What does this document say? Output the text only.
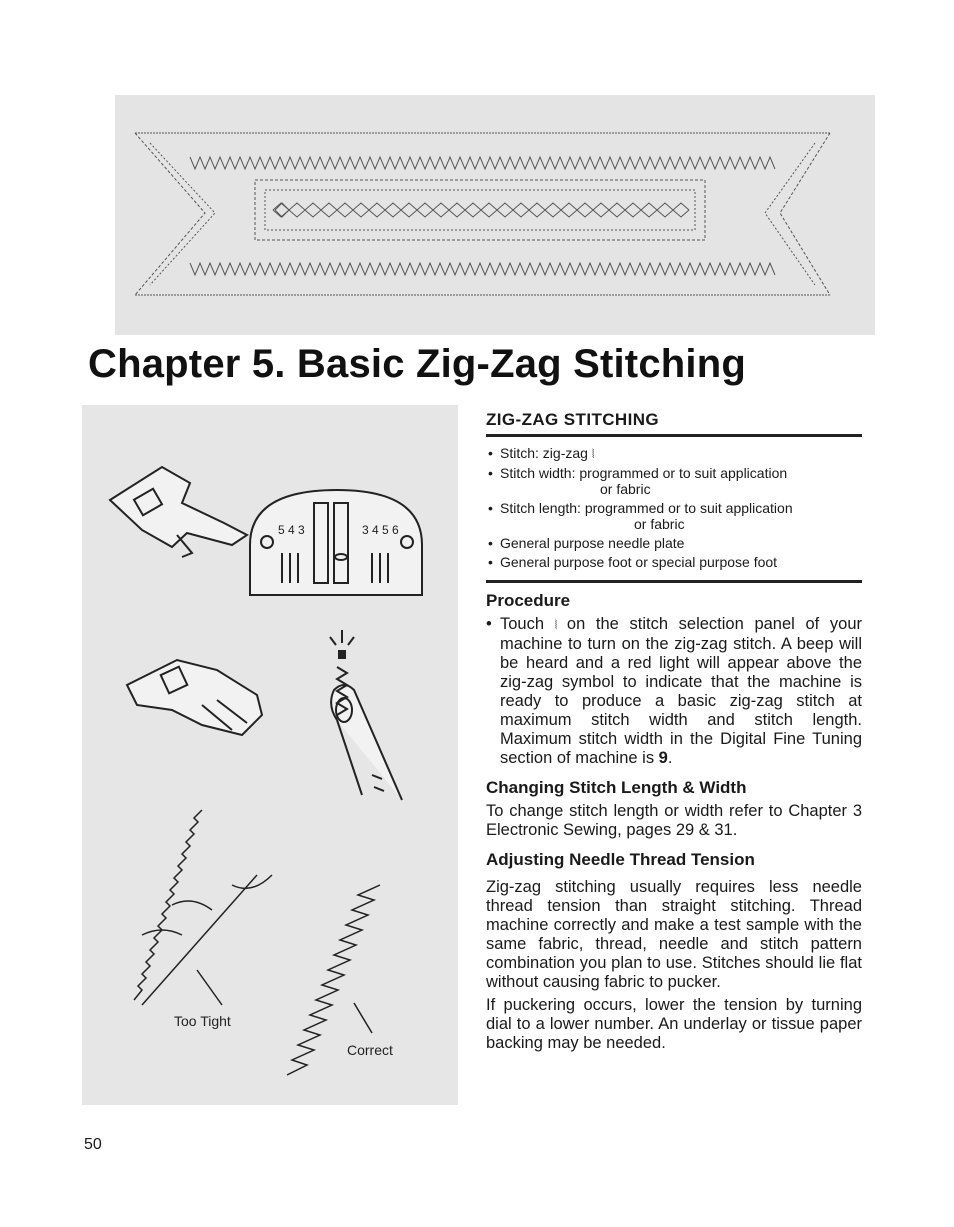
Chapter 5. Basic Zig-Zag Stitching
5 4 3	3 4 5 6
Too Tight
Correct
ZIG-ZAG STITCHING
• Stitch: zig-zag ⦚
• Stitch width: programmed or to suit application
or fabric
• Stitch length: programmed or to suit application
or fabric
• General purpose needle plate
• General purpose foot or special purpose foot
Procedure

• Touch ⦚ on the stitch selection panel of your machine to turn on the zig-zag stitch. A beep will be heard and a red light will appear above the zig-zag symbol to indicate that the machine is ready to produce a basic zig-zag stitch at maximum stitch width and stitch length. Maximum stitch width in the Digital Fine Tuning section of machine is 9.

Changing Stitch Length & Width

To change stitch length or width refer to Chapter 3 Electronic Sewing, pages 29 & 31.

Adjusting Needle Thread Tension

Zig-zag stitching usually requires less needle thread tension than straight stitching. Thread machine correctly and make a test sample with the same fabric, thread, needle and stitch pattern combination you plan to use. Stitches should lie flat without causing fabric to pucker.

If puckering occurs, lower the tension by turning dial to a lower number. An underlay or tissue paper backing may be needed.

50
